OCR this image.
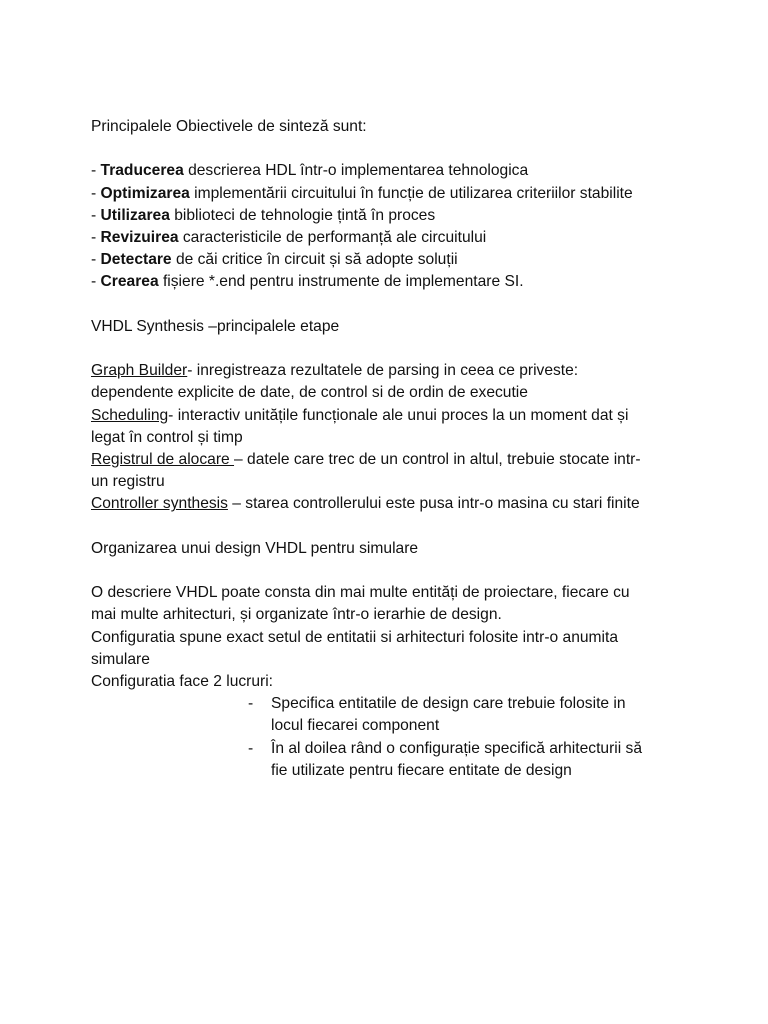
Principalele Obiectivele de sinteză sunt:
- Traducerea descrierea HDL într-o implementarea tehnologica
- Optimizarea implementării circuitului în funcție de utilizarea criteriilor stabilite
- Utilizarea biblioteci de tehnologie țintă în proces
- Revizuirea caracteristicile de performanță ale circuitului
- Detectare de căi critice în circuit și să adopte soluții
- Crearea fișiere *.end pentru instrumente de implementare SI.
VHDL Synthesis –principalele etape
Graph Builder- inregistreaza rezultatele de parsing in ceea ce priveste:
dependente explicite de date, de control si de ordin de executie
Scheduling- interactiv unitățile funcționale ale unui proces la un moment dat și
legat în control și timp
Registrul de alocare – datele care trec de un control in altul, trebuie stocate intr-
un registru
Controller synthesis – starea controllerului este pusa intr-o masina cu stari finite
Organizarea unui design VHDL pentru simulare
O descriere VHDL poate consta din mai multe entități de proiectare, fiecare cu
mai multe arhitecturi, și organizate într-o ierarhie de design.
Configuratia spune exact setul de entitatii si arhitecturi folosite intr-o anumita
simulare
Configuratia face 2 lucruri:
- Specifica entitatile de design care trebuie folosite in
locul fiecarei component
- În al doilea rând o configurație specifică arhitecturii să
fie utilizate pentru fiecare entitate de design
